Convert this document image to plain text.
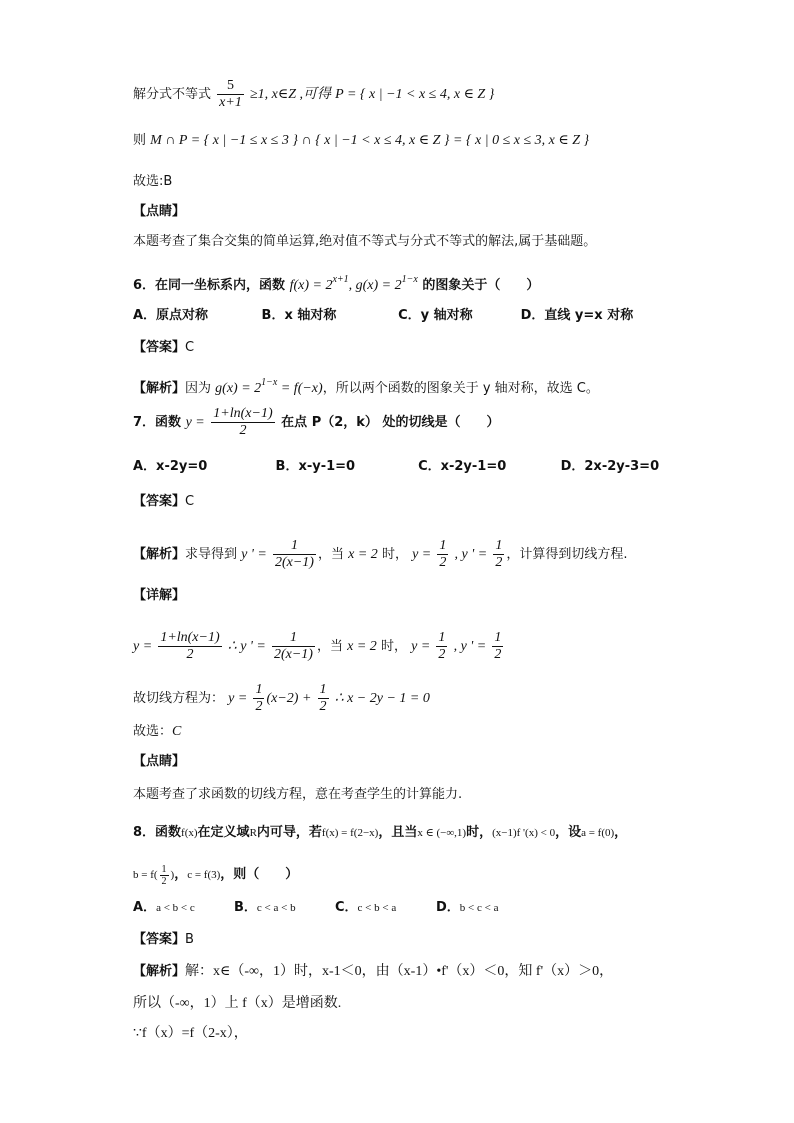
解分式不等式 $\frac{5}{x+1} \ge 1$, x∈Z ,可得 P = { x | −1 < x ≤ 4, x ∈ Z }
则 M ∩ P = { x | −1 ≤ x ≤ 3 } ∩ { x | −1 < x ≤ 4, x ∈ Z } = { x | 0 ≤ x ≤ 3, x ∈ Z }
故选:B
【点睛】
本题考查了集合交集的简单运算,绝对值不等式与分式不等式的解法,属于基础题。
6．在同一坐标系内，函数 $f(x) = 2^{x+1}$, $g(x) = 2^{1-x}$ 的图象关于（　　）
A．原点对称	B．x 轴对称	C．y 轴对称	D．直线 y=x 对称
【答案】C
【解析】因为 $g(x) = 2^{1-x} = f(-x)$，所以两个函数的图象关于 y 轴对称，故选 C。
7．函数 $y = \frac{1+\ln(x-1)}{2}$ 在点 P（2，k） 处的切线是（　　）
A．x-2y=0	B．x-y-1=0	C．x-2y-1=0	D．2x-2y-3=0
【答案】C
【解析】求导得到 y ' = $\frac{1}{2(x-1)}$ ，当 x = 2 时， $y = \frac{1}{2}$ , y ' = $\frac{1}{2}$ ，计算得到切线方程.
【详解】
$y = \frac{1+\ln(x-1)}{2}$ ∴ y ' = $\frac{1}{2(x-1)}$ ，当 x = 2 时， $y = \frac{1}{2}$ , y ' = $\frac{1}{2}$
故切线方程为： $y = \frac{1}{2} (x-2) + \frac{1}{2}$ ∴ x − 2y − 1 = 0
故选：C
【点睛】
本题考查了求函数的切线方程，意在考查学生的计算能力.
8．函数f(x)在定义域R内可导，若f(x) = f(2−x)，且当x ∈ (−∞,1)时，(x−1)f '(x) < 0，设a = f(0)，
$b = f( \frac{1}{2}$ )，c = f(3)，则（　　）
A．a < b < c	B．c < a < b	C．c < b < a	D．b < c < a
【答案】B
【解析】解：x∈（-∞，1）时，x-1＜0，由（x-1）•f'（x）＜0，知 f'（x）＞0，
所以（-∞，1）上 f（x）是增函数.
∵f（x）=f（2-x），
